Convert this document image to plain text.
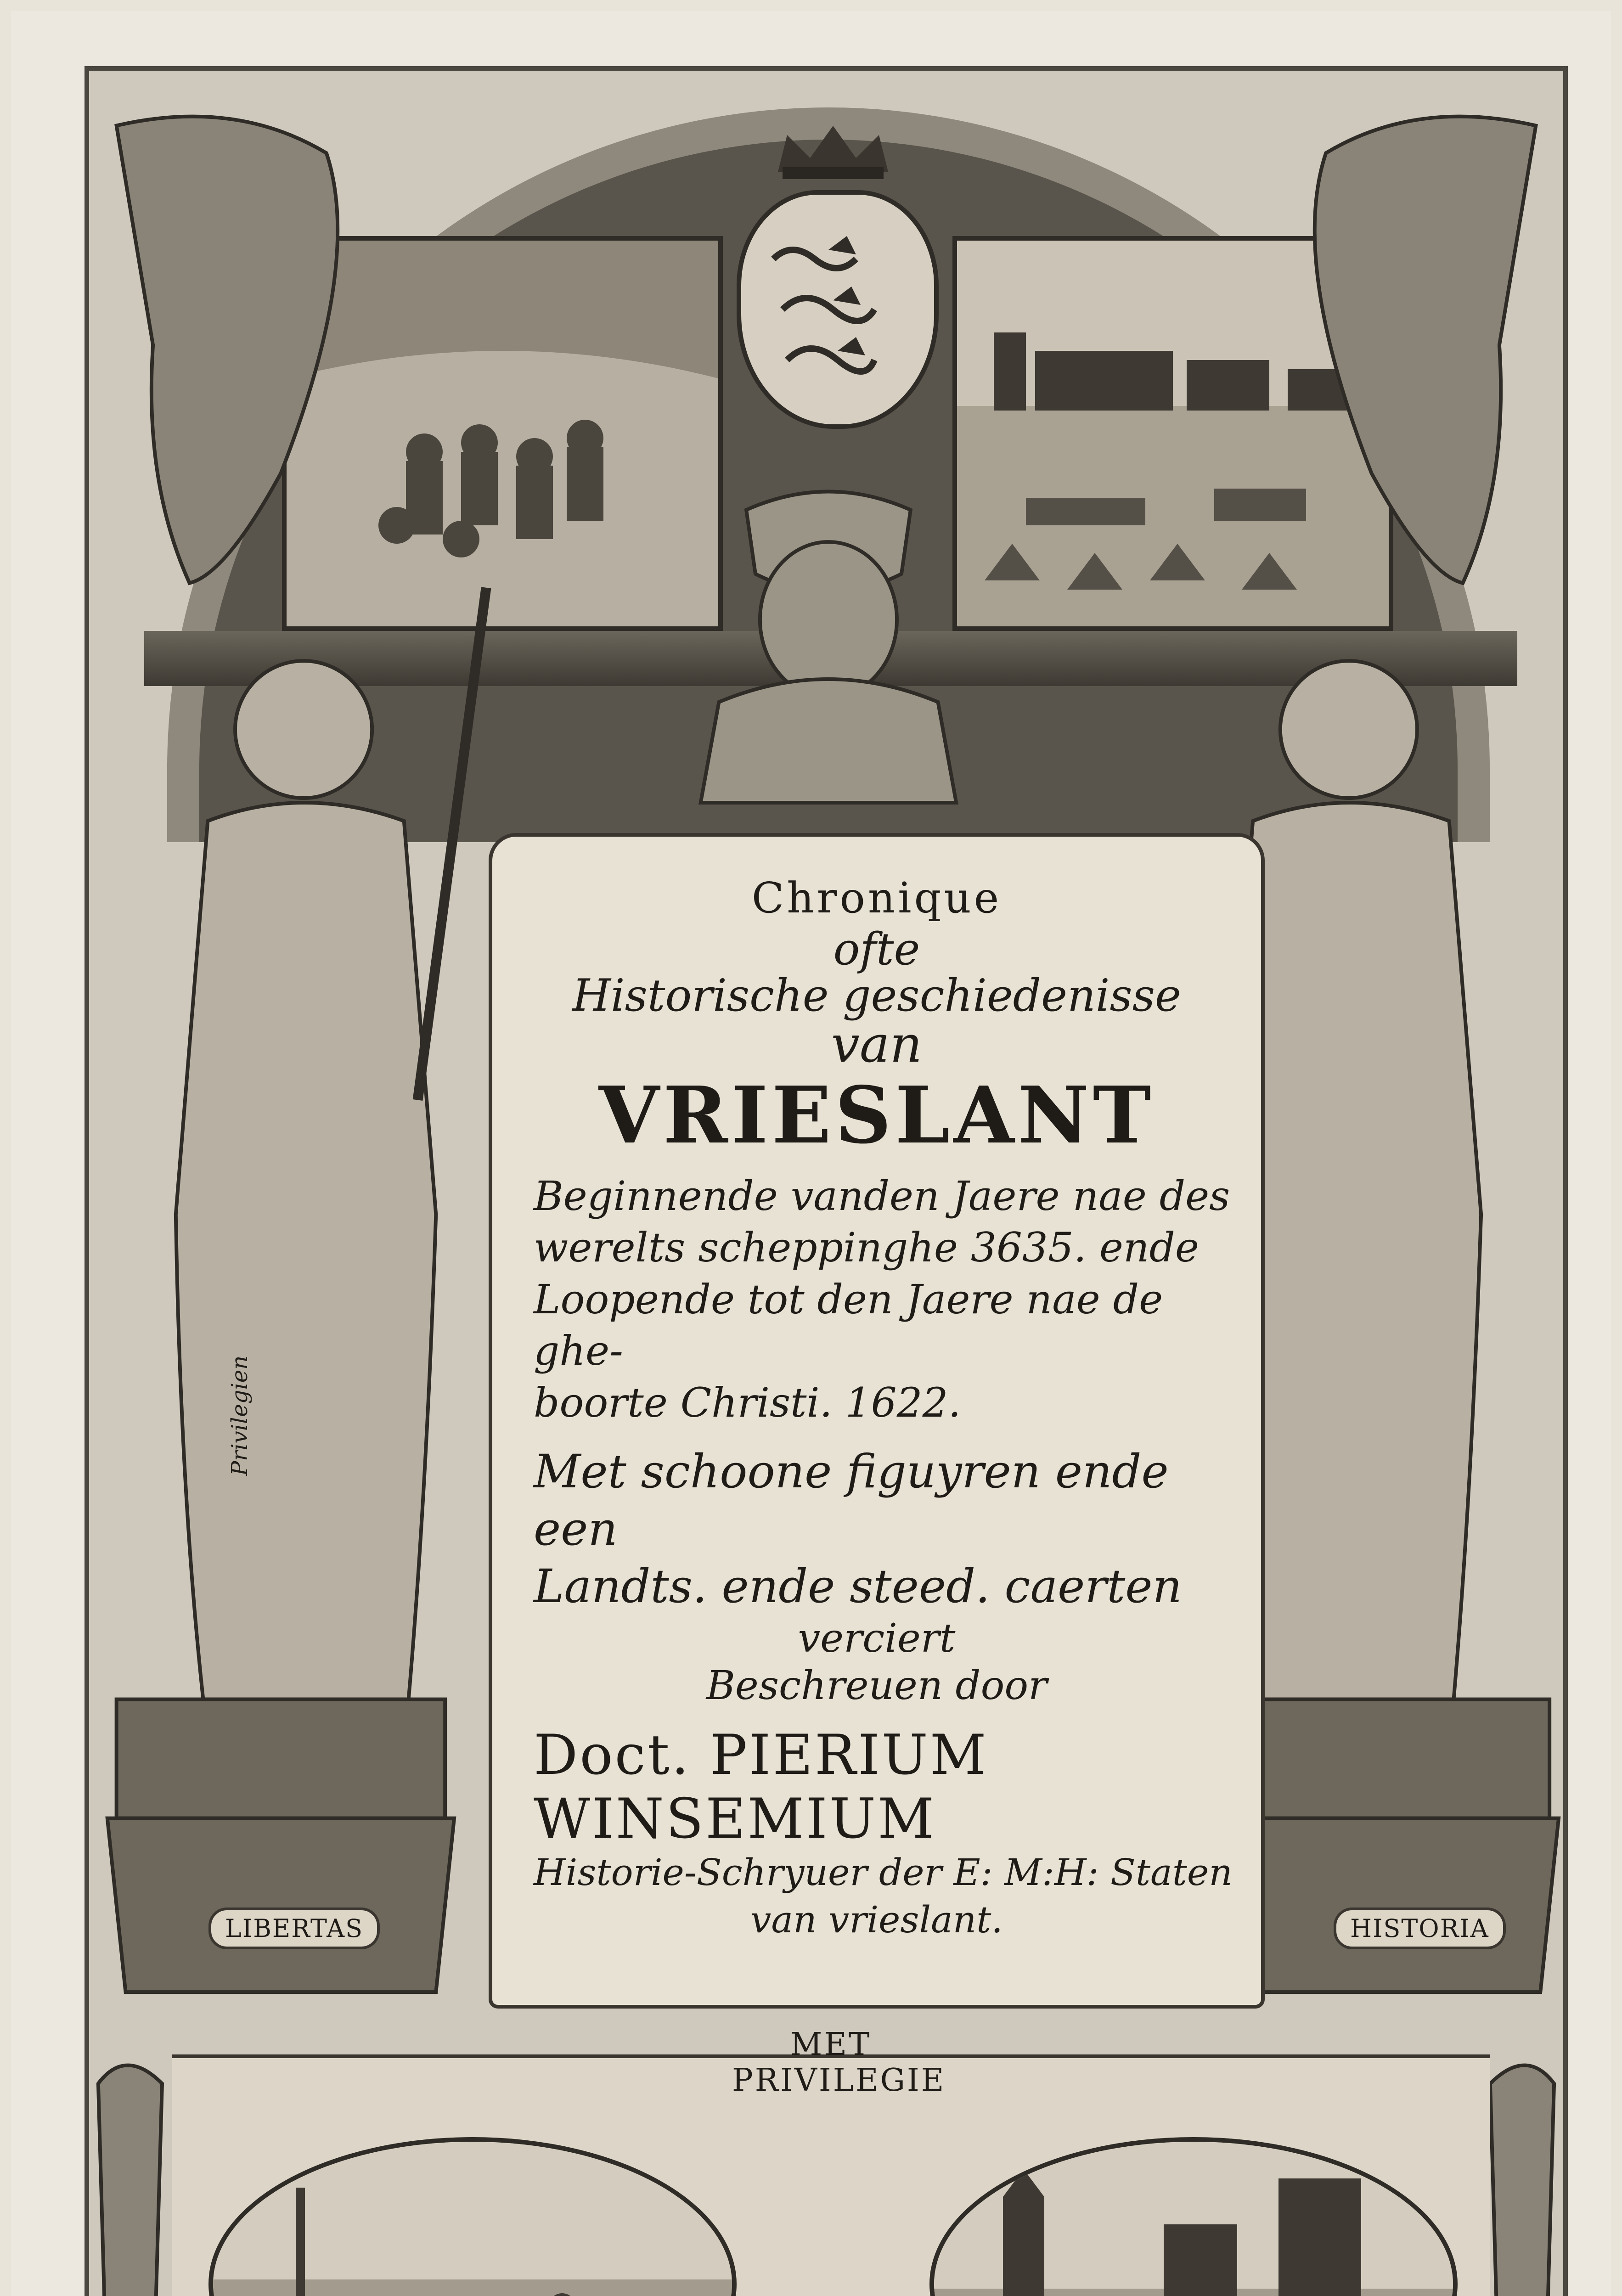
Chronique
ofte
Historische geschiedenisse
van
VRIESLANT
Beginnende vanden Jaere nae des
werelts scheppinghe 3635. ende
Loopende tot den Jaere nae de ghe-
boorte Christi. 1622.
Met schoone figuyren ende een
Landts. ende steed. caerten
verciert
Beschreuen door
Doct. PIERIUM WINSEMIUM
Historie-Schryuer der E: M:H: Staten
van vrieslant.
Privilegien
LIBERTAS	HISTORIA
MET
PRIVILEGIE
